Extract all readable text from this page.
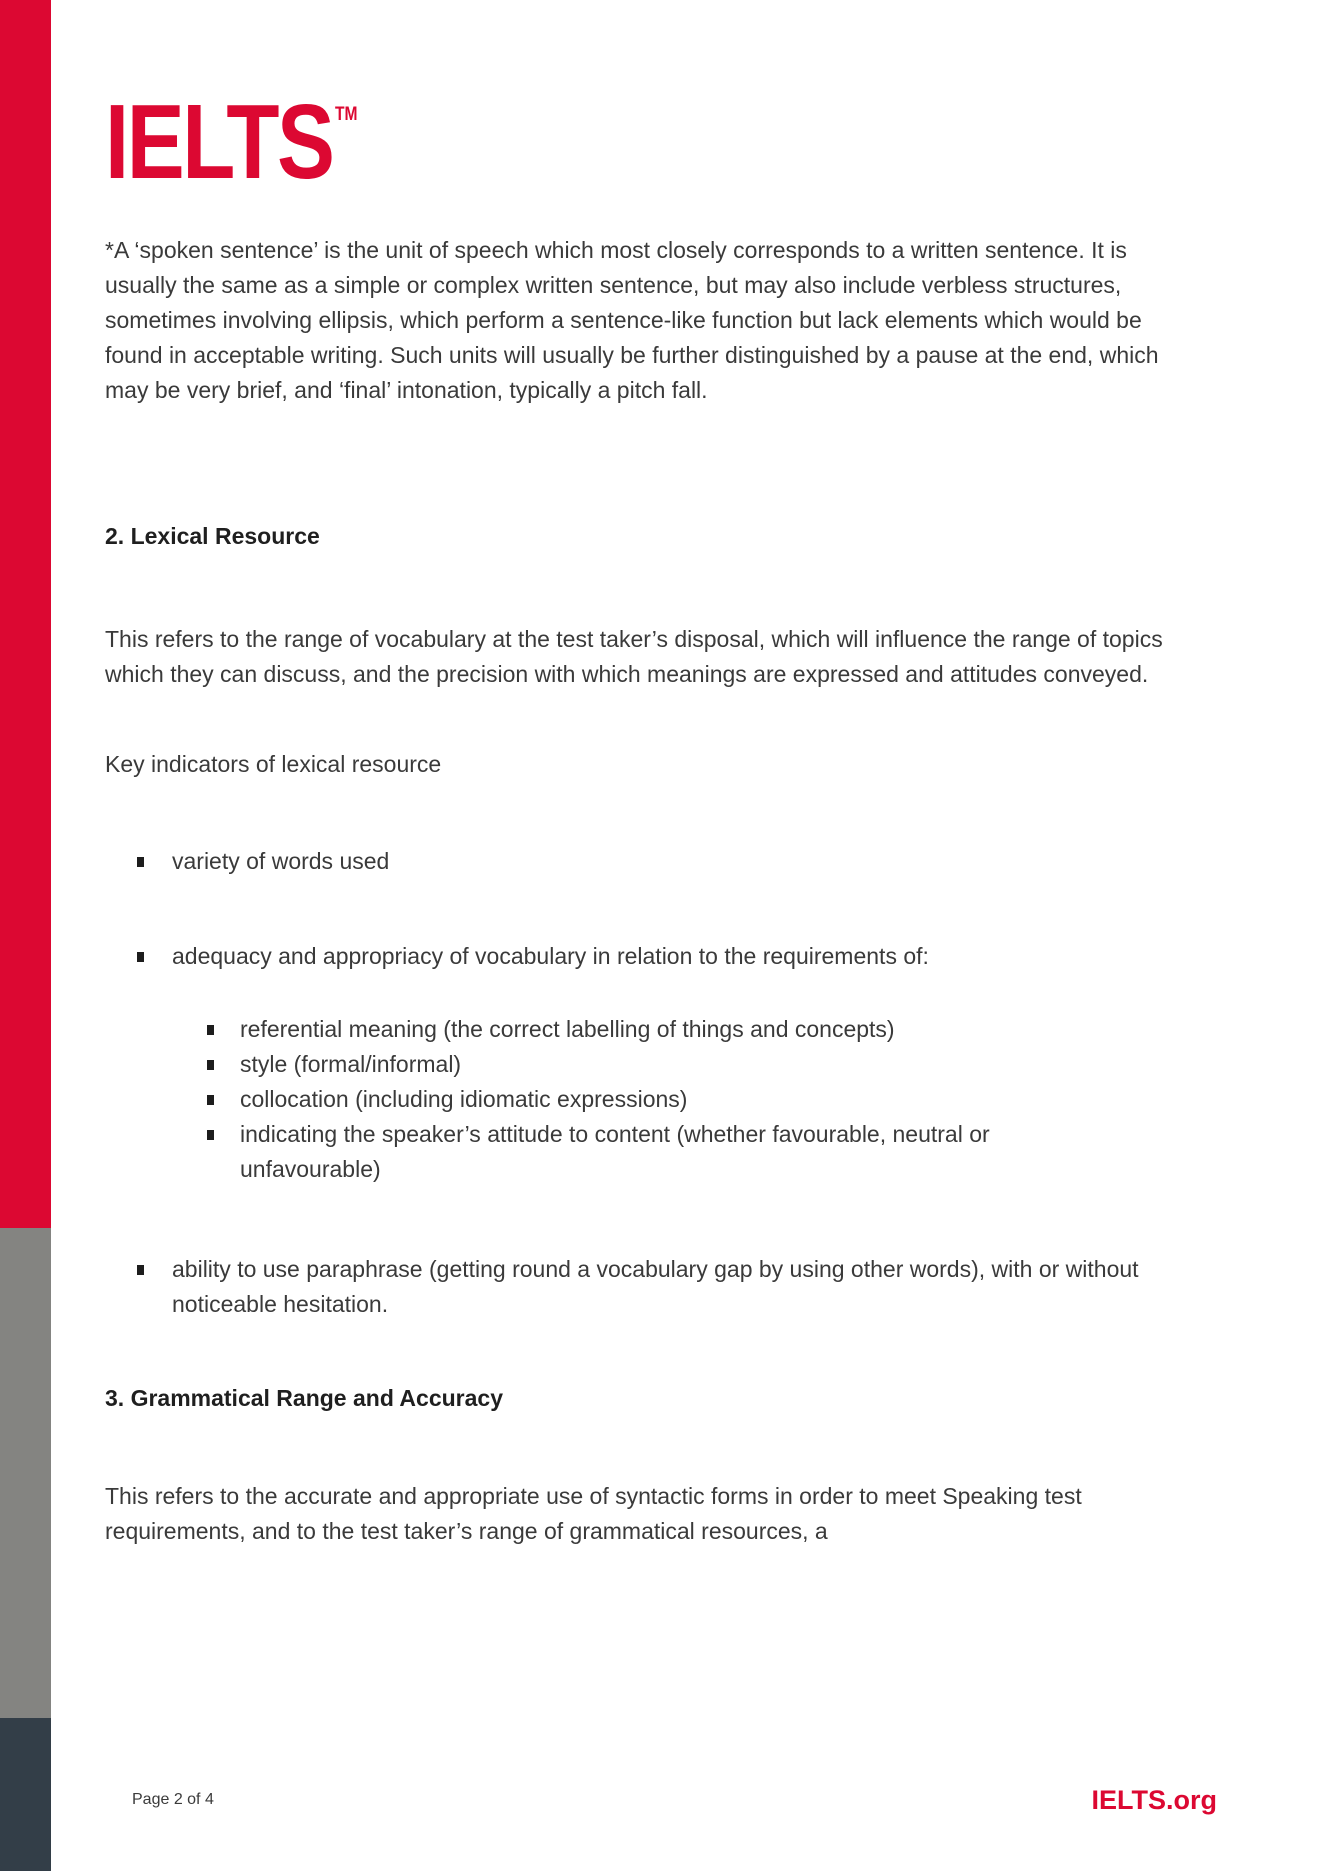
IELTS ™

*A ‘spoken sentence’ is the unit of speech which most closely corresponds to a written sentence. It is usually the same as a simple or complex written sentence, but may also include verbless structures, sometimes involving ellipsis, which perform a sentence-like function but lack elements which would be found in acceptable writing. Such units will usually be further distinguished by a pause at the end, which may be very brief, and ‘final’ intonation, typically a pitch fall.

2. Lexical Resource

This refers to the range of vocabulary at the test taker’s disposal, which will influence the range of topics which they can discuss, and the precision with which meanings are expressed and attitudes conveyed.

Key indicators of lexical resource

variety of words used
adequacy and appropriacy of vocabulary in relation to the requirements of:
referential meaning (the correct labelling of things and concepts)
style (formal/informal)
collocation (including idiomatic expressions)
indicating the speaker’s attitude to content (whether favourable, neutral or unfavourable)
ability to use paraphrase (getting round a vocabulary gap by using other words), with or without noticeable hesitation.
3. Grammatical Range and Accuracy

This refers to the accurate and appropriate use of syntactic forms in order to meet Speaking test requirements, and to the test taker’s range of grammatical resources, a

Page 2 of 4	IELTS.org
